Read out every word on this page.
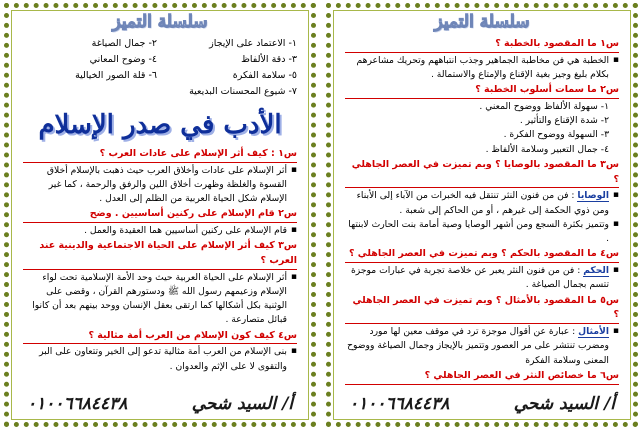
سلسلة التميز
١- الاعتماد على الإيجاز
٢- جمال الصياغة
٣- دقة الألفاظ
٤- وضوح المعاني
٥- سلامة الفكرة
٦- قلة الصور الخيالية
٧- شيوع المحسنات البديعية
الأدب في صدر الإسلام
س١ : كيف أثر الإسلام على عادات العرب ؟
▪ أثر الإسلام على عادات وأخلاق العرب حيث ذهبت بالإسلام أخلاق القسوة والغلظة وظهرت أخلاق اللين والرفق والرحمة ، كما غير الإسلام شكل الحياة العربية من الظلم إلى العدل .
س٢ قام الإسلام على ركنين أساسيين . وضح
▪ قام الإسلام على ركنين أساسيين هما العقيدة والعمل .
س٣ كيف أثر الإسلام على الحياة الاجتماعية والدينية عند العرب ؟
▪ أثر الإسلام على الحياة العربية حيث وحد الأمة الإسلامية تحت لواء الإسلام وزعيمهم رسول الله ﷺ ودستورهم القرآن ، وقضى على الوثنية بكل أشكالها كما ارتقى بعقل الإنسان ووحد بينهم بعد أن كانوا قبائل متصارعة .
س٤ كيف كون الإسلام من العرب أمة مثالية ؟
▪ بنى الإسلام من العرب أمة مثالية تدعو إلى الخير وتتعاون على البر والتقوى لا على الإثم والعدوان .
٠١٠٠٦٦٨٤٤٣٨	أ/ السيد شحي
سلسلة التميز
س١ ما المقصود بالخطبة ؟
▪ الخطبة هي فن مخاطبة الجماهير وجذب انتباههم وتحريك مشاعرهم بكلام بليغ وجيز بغية الإقناع والإمتاع والاستمالة .
س٢ ما سمات أسلوب الخطبة ؟
١- سهولة الألفاظ ووضوح المعني .
٢- شدة الإقناع والتأثير .
٣- السهولة ووضوح الفكرة .
٤- جمال التعبير وسلامة الألفاظ .
س٣ ما المقصود بالوصايا ؟ وبم تميزت في العصر الجاهلي ؟
▪ الوصايا : فن من فنون النثر تنتقل فيه الخبرات من الآباء إلى الأبناء ومن ذوي الحكمة إلى غيرهم ، أو من الحاكم إلى شعبة .
▪ وتتميز بكثرة السجع ومن أشهر الوصايا وصية أمامة بنت الحارث لابنتها .
س٤ ما المقصود بالحكم ؟ وبم تميزت في العصر الجاهلي ؟
▪ الحكم : فن من فنون النثر يعبر عن خلاصة تجربة في عبارات موجزة تتسم بجمال الصياغة .
س٥ ما المقصود بالأمثال ؟ وبم تميزت في العصر الجاهلي ؟
▪ الأمثال : عبارة عن أقوال موجزة ترد في موقف معين لها مورد ومضرب تنتشر على مر العصور وتتميز بالإيجاز وجمال الصياغة ووضوح المعنى وسلامة الفكرة
س٦ ما خصائص النثر في العصر الجاهلي ؟
٠١٠٠٦٦٨٤٤٣٨	أ/ السيد شحي
